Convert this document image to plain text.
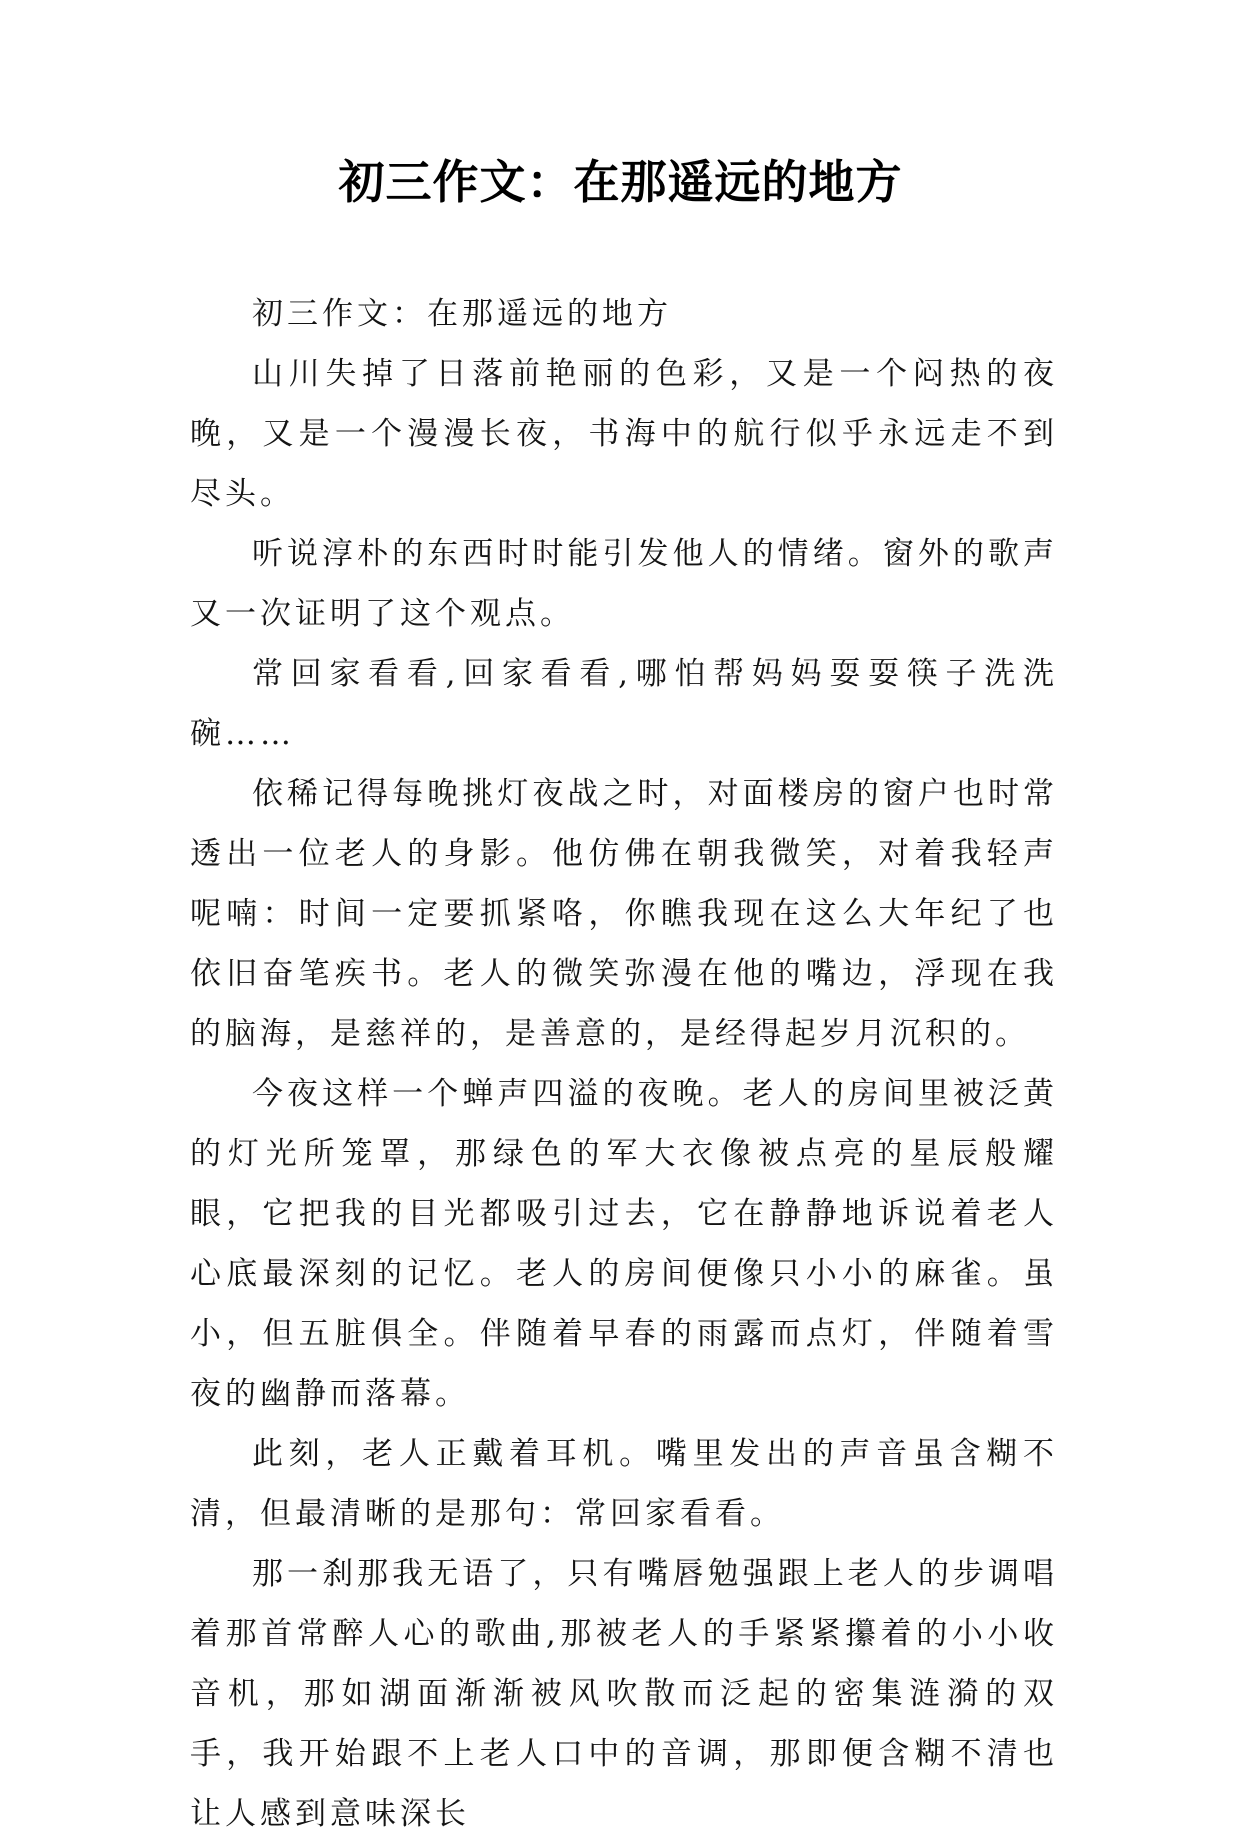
初三作文：在那遥远的地方

初三作文：在那遥远的地方

山川失掉了日落前艳丽的色彩，又是一个闷热的夜晚，又是一个漫漫长夜，书海中的航行似乎永远走不到尽头。

听说淳朴的东西时时能引发他人的情绪。窗外的歌声又一次证明了这个观点。

常回家看看,回家看看,哪怕帮妈妈耍耍筷子洗洗碗……

依稀记得每晚挑灯夜战之时，对面楼房的窗户也时常透出一位老人的身影。他仿佛在朝我微笑，对着我轻声呢喃：时间一定要抓紧咯，你瞧我现在这么大年纪了也依旧奋笔疾书。老人的微笑弥漫在他的嘴边，浮现在我的脑海，是慈祥的，是善意的，是经得起岁月沉积的。

今夜这样一个蝉声四溢的夜晚。老人的房间里被泛黄的灯光所笼罩，那绿色的军大衣像被点亮的星辰般耀眼，它把我的目光都吸引过去，它在静静地诉说着老人心底最深刻的记忆。老人的房间便像只小小的麻雀。虽小，但五脏俱全。伴随着早春的雨露而点灯，伴随着雪夜的幽静而落幕。

此刻，老人正戴着耳机。嘴里发出的声音虽含糊不清，但最清晰的是那句：常回家看看。

那一刹那我无语了，只有嘴唇勉强跟上老人的步调唱着那首常醉人心的歌曲,那被老人的手紧紧攥着的小小收音机，那如湖面渐渐被风吹散而泛起的密集涟漪的双手，我开始跟不上老人口中的音调，那即便含糊不清也让人感到意味深长
